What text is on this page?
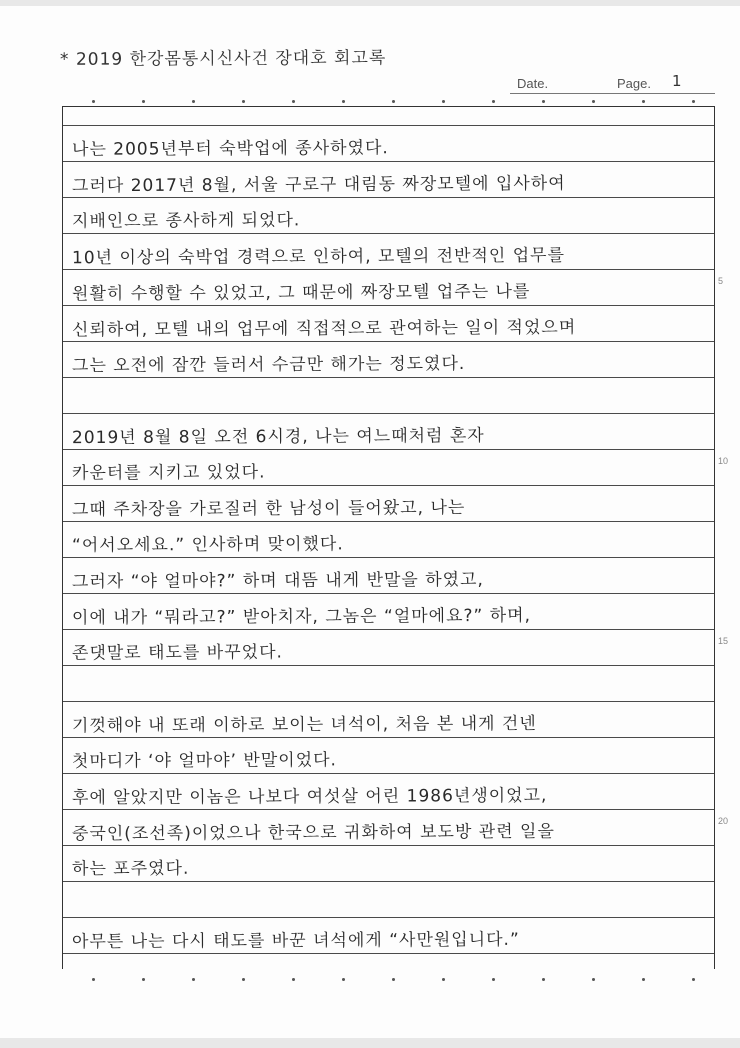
* 2019 한강몸통시신사건 장대호 회고록
Date.	Page. 1
5
10
15
20
나는 2005년부터 숙박업에 종사하였다.
그러다 2017년 8월, 서울 구로구 대림동 짜장모텔에 입사하여
지배인으로 종사하게 되었다.
10년 이상의 숙박업 경력으로 인하여, 모텔의 전반적인 업무를
원활히 수행할 수 있었고, 그 때문에 짜장모텔 업주는 나를
신뢰하여, 모텔 내의 업무에 직접적으로 관여하는 일이 적었으며
그는 오전에 잠깐 들러서 수금만 해가는 정도였다.
2019년 8월 8일 오전 6시경, 나는 여느때처럼 혼자
카운터를 지키고 있었다.
그때 주차장을 가로질러 한 남성이 들어왔고, 나는
“어서오세요.” 인사하며 맞이했다.
그러자 “야 얼마야?” 하며 대뜸 내게 반말을 하였고,
이에 내가 “뭐라고?” 받아치자, 그놈은 “얼마에요?” 하며,
존댓말로 태도를 바꾸었다.
기껏해야 내 또래 이하로 보이는 녀석이, 처음 본 내게 건넨
첫마디가 ‘야 얼마야’ 반말이었다.
후에 알았지만 이놈은 나보다 여섯살 어린 1986년생이었고,
중국인(조선족)이었으나 한국으로 귀화하여 보도방 관련 일을
하는 포주였다.
아무튼 나는 다시 태도를 바꾼 녀석에게 “사만원입니다.”
